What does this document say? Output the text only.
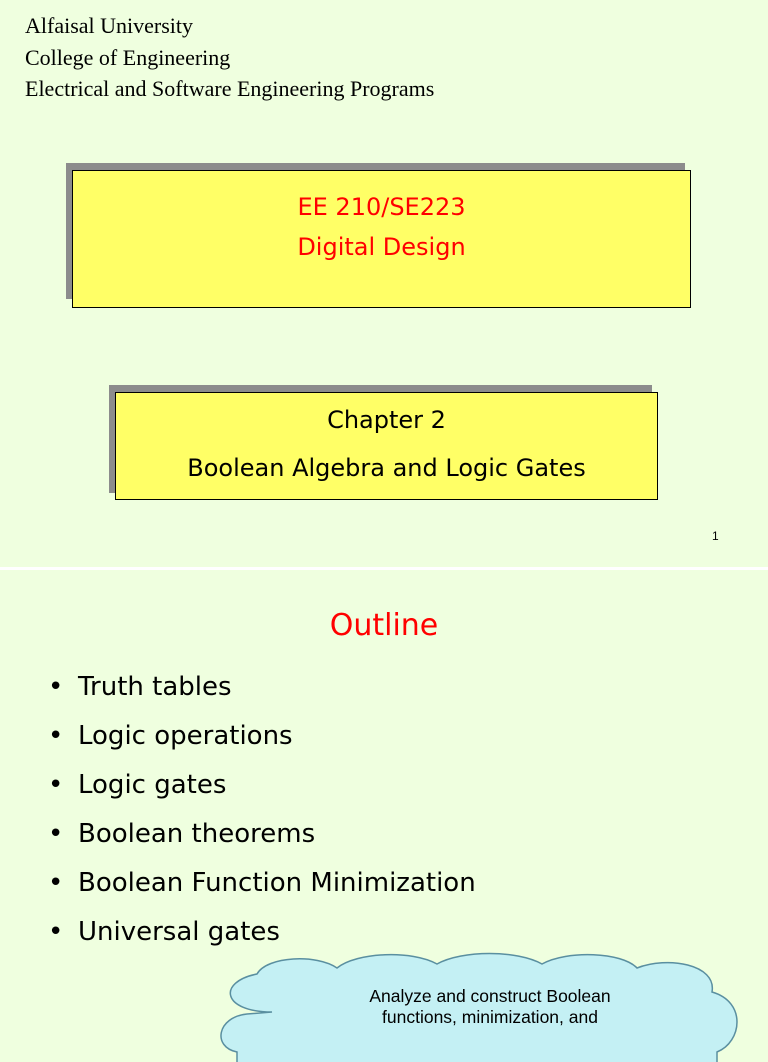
Alfaisal University
College of Engineering
Electrical and Software Engineering Programs
EE 210/SE223
Digital Design
Chapter 2
Boolean Algebra and Logic Gates
1
Outline
• Truth tables
• Logic operations
• Logic gates
• Boolean theorems
• Boolean Function Minimization
• Universal gates
Analyze and construct Boolean
functions, minimization, and
